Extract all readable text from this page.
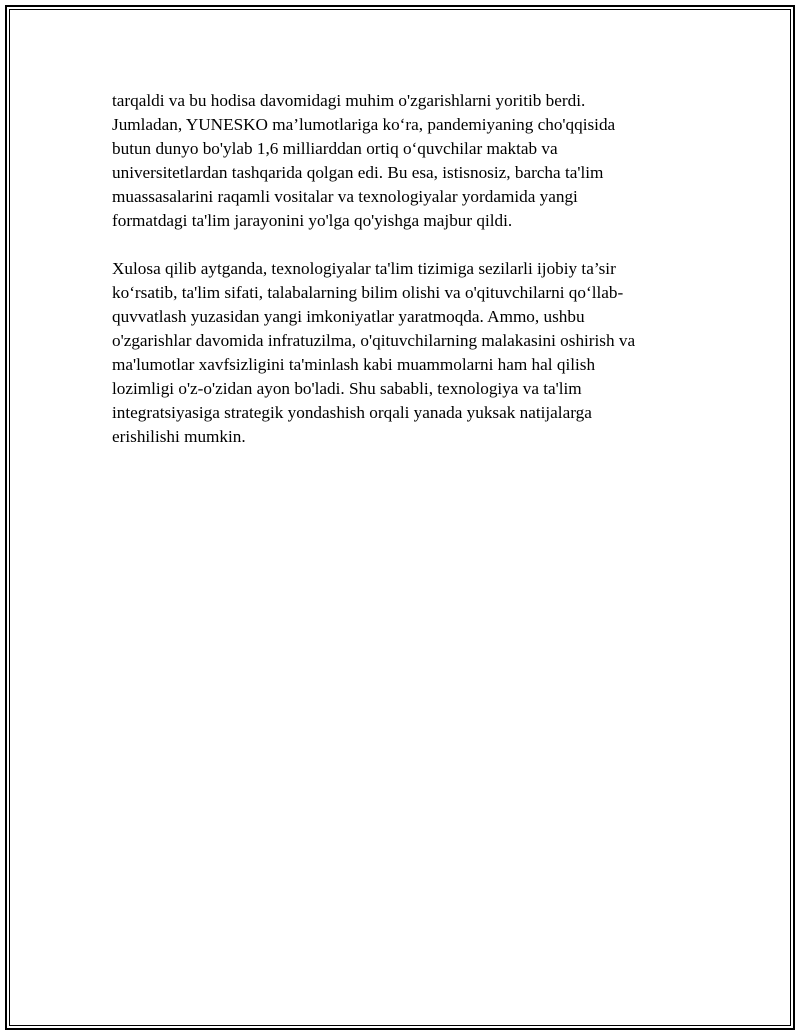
tarqaldi va bu hodisa davomidagi muhim o'zgarishlarni yoritib berdi.
Jumladan, YUNESKO ma’lumotlariga ko‘ra, pandemiyaning cho'qqisida
butun dunyo bo'ylab 1,6 milliarddan ortiq o‘quvchilar maktab va
universitetlardan tashqarida qolgan edi. Bu esa, istisnosiz, barcha ta'lim
muassasalarini raqamli vositalar va texnologiyalar yordamida yangi
formatdagi ta'lim jarayonini yo'lga qo'yishga majbur qildi.

Xulosa qilib aytganda, texnologiyalar ta'lim tizimiga sezilarli ijobiy ta’sir
ko‘rsatib, ta'lim sifati, talabalarning bilim olishi va o'qituvchilarni qo‘llab-
quvvatlash yuzasidan yangi imkoniyatlar yaratmoqda. Ammo, ushbu
o'zgarishlar davomida infratuzilma, o'qituvchilarning malakasini oshirish va
ma'lumotlar xavfsizligini ta'minlash kabi muammolarni ham hal qilish
lozimligi o'z-o'zidan ayon bo'ladi. Shu sababli, texnologiya va ta'lim
integratsiyasiga strategik yondashish orqali yanada yuksak natijalarga
erishilishi mumkin.
